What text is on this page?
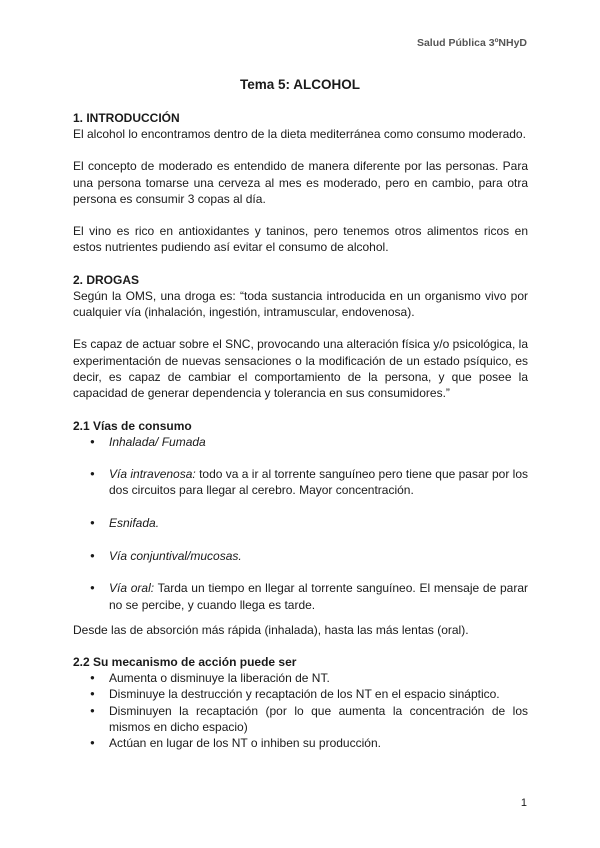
Salud Pública 3ºNHyD
Tema 5: ALCOHOL
1. INTRODUCCIÓN

El alcohol lo encontramos dentro de la dieta mediterránea como consumo moderado.

El concepto de moderado es entendido de manera diferente por las personas. Para una persona tomarse una cerveza al mes es moderado, pero en cambio, para otra persona es consumir 3 copas al día.

El vino es rico en antioxidantes y taninos, pero tenemos otros alimentos ricos en estos nutrientes pudiendo así evitar el consumo de alcohol.

2. DROGAS

Según la OMS, una droga es: “toda sustancia introducida en un organismo vivo por cualquier vía (inhalación, ingestión, intramuscular, endovenosa).

Es capaz de actuar sobre el SNC, provocando una alteración física y/o psicológica, la experimentación de nuevas sensaciones o la modificación de un estado psíquico, es decir, es capaz de cambiar el comportamiento de la persona, y que posee la capacidad de generar dependencia y tolerancia en sus consumidores.”

2.1 Vías de consumo
● Inhalada/ Fumada
● Vía intravenosa: todo va a ir al torrente sanguíneo pero tiene que pasar por los dos circuitos para llegar al cerebro. Mayor concentración.
● Esnifada.
● Vía conjuntival/mucosas.
● Vía oral: Tarda un tiempo en llegar al torrente sanguíneo. El mensaje de parar no se percibe, y cuando llega es tarde.

Desde las de absorción más rápida (inhalada), hasta las más lentas (oral).

2.2 Su mecanismo de acción puede ser
● Aumenta o disminuye la liberación de NT.
● Disminuye la destrucción y recaptación de los NT en el espacio sináptico.
● Disminuyen la recaptación (por lo que aumenta la concentración de los mismos en dicho espacio)
● Actúan en lugar de los NT o inhiben su producción.
1
